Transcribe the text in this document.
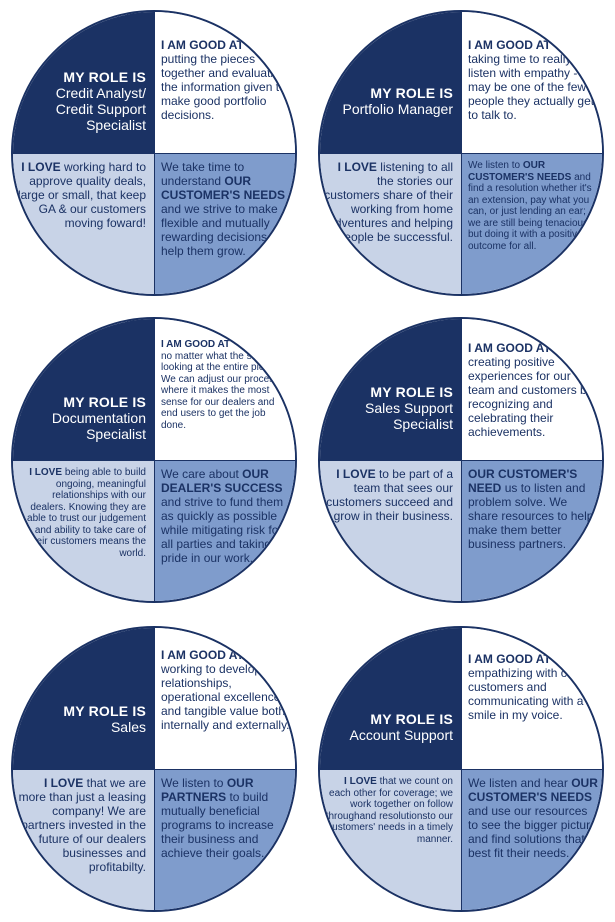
MY ROLE IS
Credit Analyst/ Credit Support Specialist
I AM GOOD AT
putting the pieces together and evaluating the information given to make good portfolio decisions.
I LOVE working hard to approve quality deals, large or small, that keep GA & our customers moving foward!
We take time to understand OUR CUSTOMER'S NEEDS and we strive to make flexible and mutually rewarding decisions to help them grow.
MY ROLE IS
Portfolio Manager
I AM GOOD AT
taking time to really listen with empathy - we may be one of the few people they actually get to talk to.
I LOVE listening to all the stories our customers share of their working from home adventures and helping people be successful.
We listen to OUR CUSTOMER'S NEEDS and find a resolution whether it's an extension, pay what you can, or just lending an ear; we are still being tenacious but doing it with a positive outcome for all.
MY ROLE IS
Documentation Specialist
I AM GOOD AT
no matter what the situation, looking at the entire picture. We can adjust our process where it makes the most sense for our dealers and end users to get the job done.
I LOVE being able to build ongoing, meaningful relationships with our dealers. Knowing they are able to trust our judgement and ability to take care of their customers means the world.
We care about OUR DEALER'S SUCCESS and strive to fund them as quickly as possible while mitigating risk for all parties and taking pride in our work.
MY ROLE IS
Sales Support Specialist
I AM GOOD AT
creating positive experiences for our team and customers by recognizing and celebrating their achievements.
I LOVE to be part of a team that sees our customers succeed and grow in their business.
OUR CUSTOMER'S NEED us to listen and problem solve. We share resources to help make them better business partners.
MY ROLE IS
Sales
I AM GOOD AT
working to develop relationships, operational excellence, and tangible value both internally and externally.
I LOVE that we are more than just a leasing company! We are partners invested in the future of our dealers businesses and profitabilty.
We listen to OUR PARTNERS to build mutually beneficial programs to increase their business and achieve their goals.
MY ROLE IS
Account Support
I AM GOOD AT
empathizing with our customers and communicating with a smile in my voice.
I LOVE that we count on each other for coverage; we work together on follow throughand resolutionsto our customers' needs in a timely manner.
We listen and hear OUR CUSTOMER'S NEEDS and use our resources to see the bigger picture and find solutions that best fit their needs.
